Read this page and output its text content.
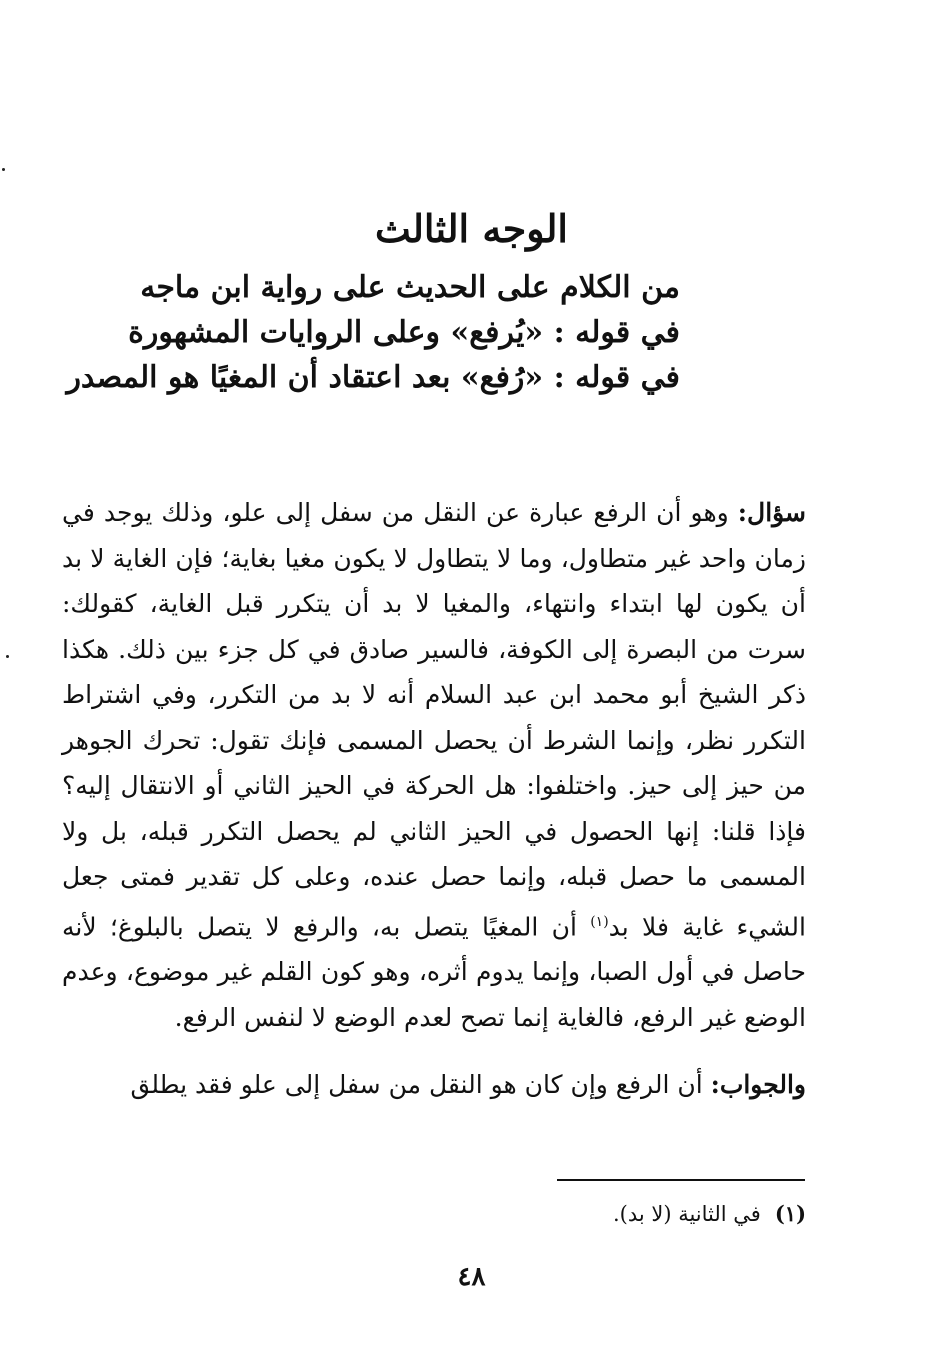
الوجه الثالث
من الكلام على الحديث على رواية ابن ماجه
في قوله : «يُرفع» وعلى الروايات المشهورة
في قوله : «رُفع» بعد اعتقاد أن المغيًا هو المصدر
سؤال: وهو أن الرفع عبارة عن النقل من سفل إلى علو، وذلك يوجد في زمان واحد غير متطاول، وما لا يتطاول لا يكون مغيا بغاية؛ فإن الغاية لا بد أن يكون لها ابتداء وانتهاء، والمغيا لا بد أن يتكرر قبل الغاية، كقولك: سرت من البصرة إلى الكوفة، فالسير صادق في كل جزء بين ذلك. هكذا ذكر الشيخ أبو محمد ابن عبد السلام أنه لا بد من التكرر، وفي اشتراط التكرر نظر، وإنما الشرط أن يحصل المسمى فإنك تقول: تحرك الجوهر من حيز إلى حيز. واختلفوا: هل الحركة في الحيز الثاني أو الانتقال إليه؟ فإذا قلنا: إنها الحصول في الحيز الثاني لم يحصل التكرر قبله، بل ولا المسمى ما حصل قبله، وإنما حصل عنده، وعلى كل تقدير فمتى جعل الشيء غاية فلا بد$^{(١)}$ أن المغيًا يتصل به، والرفع لا يتصل بالبلوغ؛ لأنه حاصل في أول الصبا، وإنما يدوم أثره، وهو كون القلم غير موضوع، وعدم الوضع غير الرفع، فالغاية إنما تصح لعدم الوضع لا لنفس الرفع.
والجواب: أن الرفع وإن كان هو النقل من سفل إلى علو فقد يطلق
(١)في الثانية (لا بد).
٤٨
